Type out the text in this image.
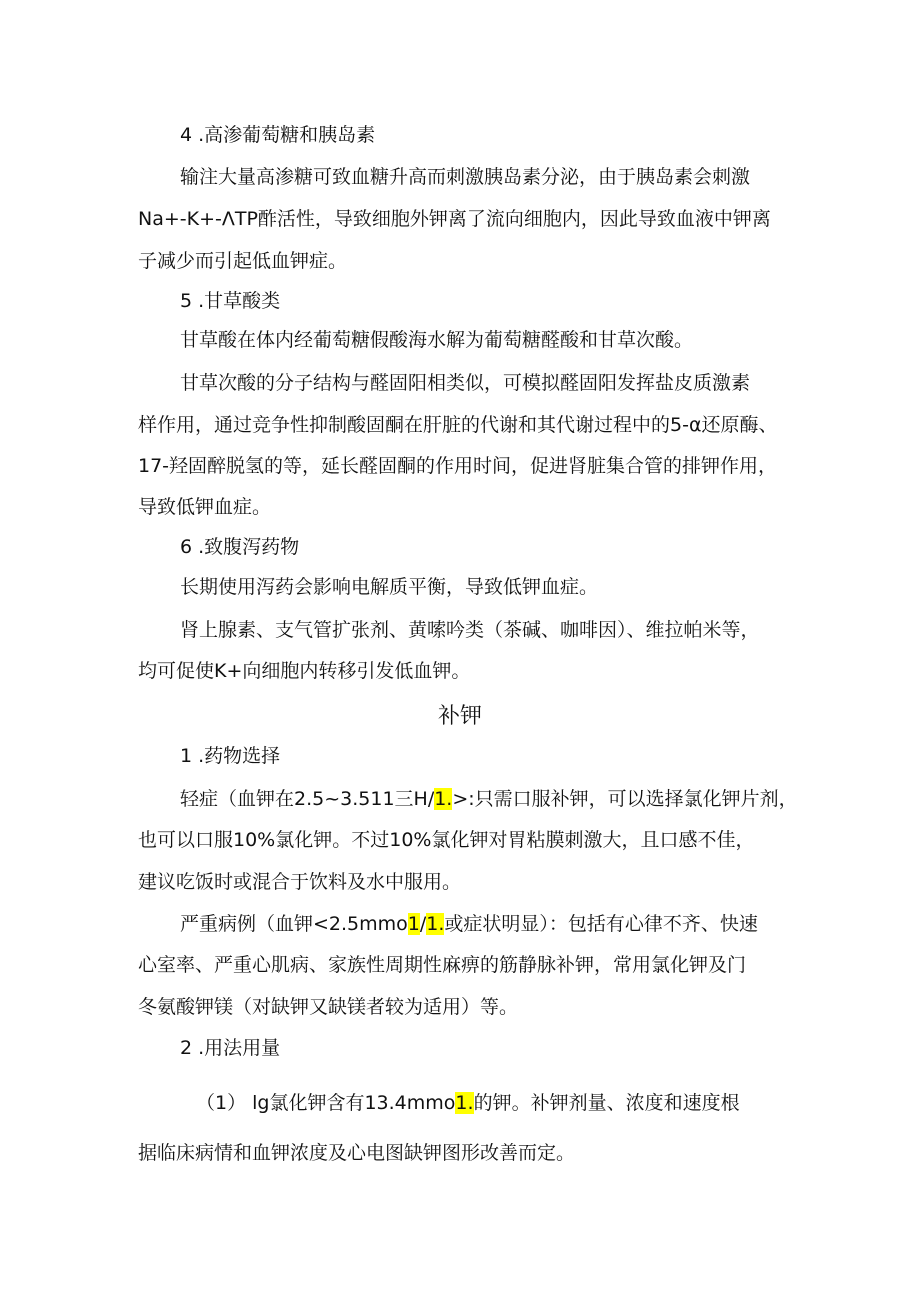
4 .高渗葡萄糖和胰岛素
输注大量高渗糖可致血糖升高而刺激胰岛素分泌，由于胰岛素会刺激
Na+-K+-ΛTP酢活性，导致细胞外钾离了流向细胞内，因此导致血液中钾离
子减少而引起低血钾症。
5 .甘草酸类
甘草酸在体内经葡萄糖假酸海水解为葡萄糖醛酸和甘草次酸。
甘草次酸的分子结构与醛固阳相类似，可模拟醛固阳发挥盐皮质激素
样作用，通过竞争性抑制酸固酮在肝脏的代谢和其代谢过程中的5-α还原酶、
17-羟固醉脱氢的等，延长醛固酮的作用时间，促进肾脏集合管的排钾作用，
导致低钾血症。
6 .致腹泻药物
长期使用泻药会影响电解质平衡，导致低钾血症。
肾上腺素、支气管扩张剂、黄嗦吟类（茶碱、咖啡因）、维拉帕米等，
均可促使K+向细胞内转移引发低血钾。
补钾
1 .药物选择
轻症（血钾在2.5~3.511三H/1.>:只需口服补钾，可以选择氯化钾片剂，
也可以口服10%氯化钾。不过10%氯化钾对胃粘膜刺激大，且口感不佳，
建议吃饭时或混合于饮料及水中服用。
严重病例（血钾<2.5mmo1/1.或症状明显）：包括有心律不齐、快速
心室率、严重心肌病、家族性周期性麻痹的筋静脉补钾，常用氯化钾及门
冬氨酸钾镁（对缺钾又缺镁者较为适用）等。
2 .用法用量
（1） lg氯化钾含有13.4mmo1.的钾。补钾剂量、浓度和速度根
据临床病情和血钾浓度及心电图缺钾图形改善而定。
